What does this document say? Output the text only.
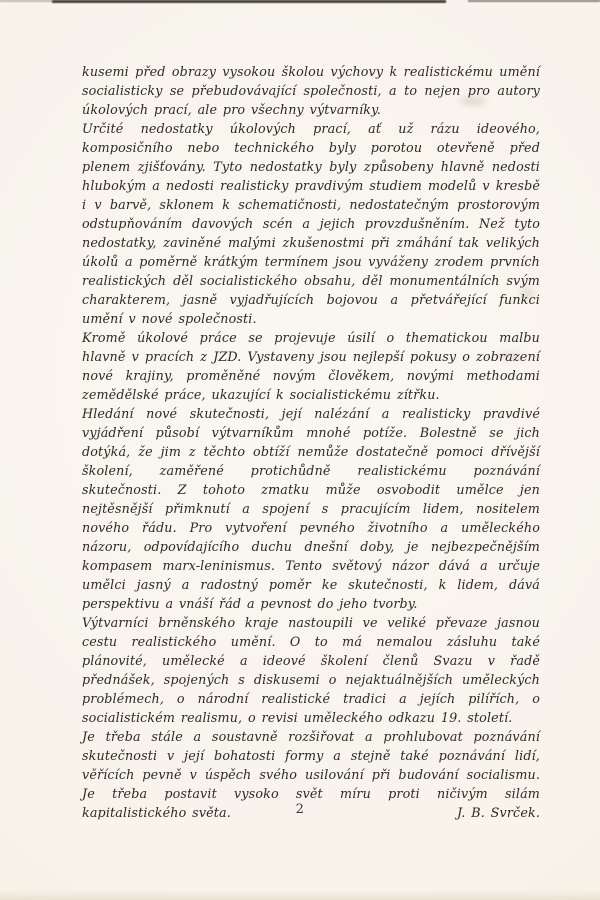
kusemi před obrazy vysokou školou výchovy k realistickému umění socialisticky se přebudovávající společnosti, a to nejen pro autory úkolových prací, ale pro všechny výtvarníky.

Určité nedostatky úkolových prací, ať už rázu ideového, komposičního nebo technického byly porotou otevřeně před plenem zjišťovány. Tyto nedostatky byly způsobeny hlavně nedosti hlubokým a nedosti realisticky pravdivým studiem modelů v kresbě i v barvě, sklonem k schematičnosti, nedostatečným prostorovým odstupňováním davových scén a jejich provzdušněním. Než tyto nedostatky, zaviněné malými zkušenostmi při zmáhání tak velikých úkolů a poměrně krátkým termínem jsou vyváženy zrodem prvních realistických děl socialistického obsahu, děl monumentálních svým charakterem, jasně vyjadřujících bojovou a přetvářející funkci umění v nové společnosti.

Kromě úkolové práce se projevuje úsilí o thematickou malbu hlavně v pracích z JZD. Vystaveny jsou nejlepší pokusy o zobrazení nové krajiny, proměněné novým člověkem, novými methodami zemědělské práce, ukazující k socialistickému zítřku.

Hledání nové skutečnosti, její nalézání a realisticky pravdivé vyjádření působí výtvarníkům mnohé potíže. Bolestně se jich dotýká, že jim z těchto obtíží nemůže dostatečně pomoci dřívější školení, zaměřené protichůdně realistickému poznávání skutečnosti. Z tohoto zmatku může osvobodit umělce jen nejtěsnější přimknutí a spojení s pracujícím lidem, nositelem nového řádu. Pro vytvoření pevného životního a uměleckého názoru, odpovídajícího duchu dnešní doby, je nejbezpečnějším kompasem marx-leninismus. Tento světový názor dává a určuje umělci jasný a radostný poměr ke skutečnosti, k lidem, dává perspektivu a vnáší řád a pevnost do jeho tvorby.

Výtvarníci brněnského kraje nastoupili ve veliké převaze jasnou cestu realistického umění. O to má nemalou zásluhu také plánovité, umělecké a ideové školení členů Svazu v řadě přednášek, spojených s diskusemi o nejaktuálnějších uměleckých problémech, o národní realistické tradici a jejích pilířích, o socialistickém realismu, o revisi uměleckého odkazu 19. století.

Je třeba stále a soustavně rozšiřovat a prohlubovat poznávání skutečnosti v její bohatosti formy a stejně také poznávání lidí, věřících pevně v úspěch svého usilování při budování socialismu. Je třeba postavit vysoko svět míru proti ničivým silám kapitalistického světa.	J. B. Svrček.

2
